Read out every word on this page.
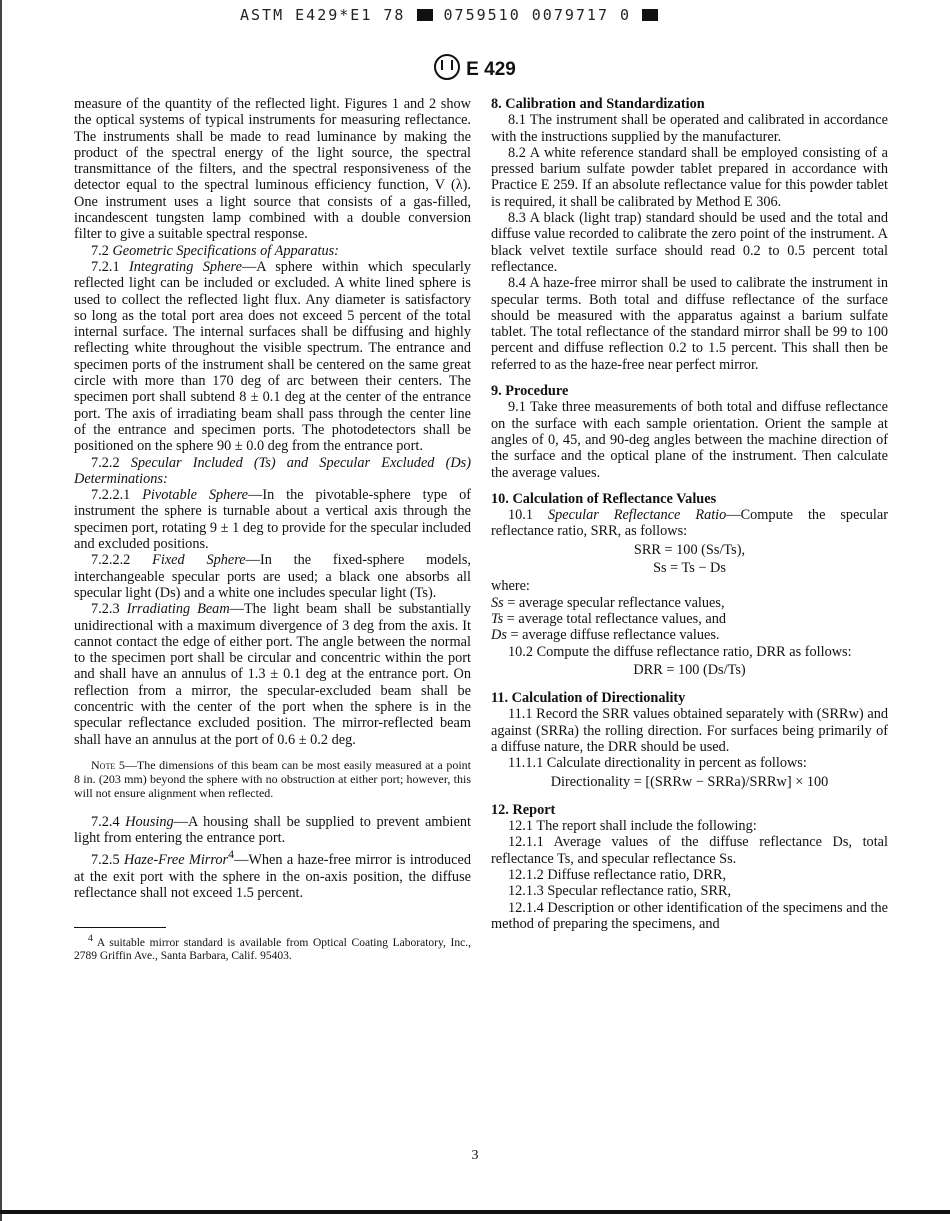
ASTM E429*E1 78	0759510 0079717 0
E 429

measure of the quantity of the reflected light. Figures 1 and 2 show the optical systems of typical instruments for measuring reflectance. The instruments shall be made to read luminance by making the product of the spectral energy of the light source, the spectral transmittance of the filters, and the spectral responsiveness of the detector equal to the spectral luminous efficiency function, V (λ). One instrument uses a light source that consists of a gas-filled, incandescent tungsten lamp combined with a double conversion filter to give a suitable spectral response.

7.2 Geometric Specifications of Apparatus:

7.2.1 Integrating Sphere—A sphere within which specularly reflected light can be included or excluded. A white lined sphere is used to collect the reflected light flux. Any diameter is satisfactory so long as the total port area does not exceed 5 percent of the total internal surface. The internal surfaces shall be diffusing and highly reflecting white throughout the visible spectrum. The entrance and specimen ports of the instrument shall be centered on the same great circle with more than 170 deg of arc between their centers. The specimen port shall subtend 8 ± 0.1 deg at the center of the entrance port. The axis of irradiating beam shall pass through the center line of the entrance and specimen ports. The photodetectors shall be positioned on the sphere 90 ± 0.0 deg from the entrance port.

7.2.2 Specular Included (Ts) and Specular Excluded (Ds) Determinations:

7.2.2.1 Pivotable Sphere—In the pivotable-sphere type of instrument the sphere is turnable about a vertical axis through the specimen port, rotating 9 ± 1 deg to provide for the specular included and excluded positions.

7.2.2.2 Fixed Sphere—In the fixed-sphere models, interchangeable specular ports are used; a black one absorbs all specular light (Ds) and a white one includes specular light (Ts).

7.2.3 Irradiating Beam—The light beam shall be substantially unidirectional with a maximum divergence of 3 deg from the axis. It cannot contact the edge of either port. The angle between the normal to the specimen port shall be circular and concentric within the port and shall have an annulus of 1.3 ± 0.1 deg at the entrance port. On reflection from a mirror, the specular-excluded beam shall be concentric with the center of the port when the sphere is in the specular reflectance excluded position. The mirror-reflected beam shall have an annulus at the port of 0.6 ± 0.2 deg.

Note 5—The dimensions of this beam can be most easily measured at a point 8 in. (203 mm) beyond the sphere with no obstruction at either port; however, this will not ensure alignment when reflected.

7.2.4 Housing—A housing shall be supplied to prevent ambient light from entering the entrance port.

7.2.5 Haze-Free Mirror$^4$—When a haze-free mirror is introduced at the exit port with the sphere in the on-axis position, the diffuse reflectance shall not exceed 1.5 percent.

$^4$ A suitable mirror standard is available from Optical Coating Laboratory, Inc., 2789 Griffin Ave., Santa Barbara, Calif. 95403.

8. Calibration and Standardization

8.1 The instrument shall be operated and calibrated in accordance with the instructions supplied by the manufacturer.

8.2 A white reference standard shall be employed consisting of a pressed barium sulfate powder tablet prepared in accordance with Practice E 259. If an absolute reflectance value for this powder tablet is required, it shall be calibrated by Method E 306.

8.3 A black (light trap) standard should be used and the total and diffuse value recorded to calibrate the zero point of the instrument. A black velvet textile surface should read 0.2 to 0.5 percent total reflectance.

8.4 A haze-free mirror shall be used to calibrate the instrument in specular terms. Both total and diffuse reflectance of the surface should be measured with the apparatus against a barium sulfate tablet. The total reflectance of the standard mirror shall be 99 to 100 percent and diffuse reflection 0.2 to 1.5 percent. This shall then be referred to as the haze-free near perfect mirror.

9. Procedure

9.1 Take three measurements of both total and diffuse reflectance on the surface with each sample orientation. Orient the sample at angles of 0, 45, and 90-deg angles between the machine direction of the surface and the optical plane of the instrument. Then calculate the average values.

10. Calculation of Reflectance Values

10.1 Specular Reflectance Ratio—Compute the specular reflectance ratio, SRR, as follows:

SRR = 100 (Ss/Ts),

Ss = Ts − Ds

where:

Ss = average specular reflectance values,

Ts = average total reflectance values, and

Ds = average diffuse reflectance values.

10.2 Compute the diffuse reflectance ratio, DRR as follows:

DRR = 100 (Ds/Ts)

11. Calculation of Directionality

11.1 Record the SRR values obtained separately with (SRRw) and against (SRRa) the rolling direction. For surfaces being primarily of a diffuse nature, the DRR should be used.

11.1.1 Calculate directionality in percent as follows:

Directionality = [(SRRw − SRRa)/SRRw] × 100

12. Report

12.1 The report shall include the following:

12.1.1 Average values of the diffuse reflectance Ds, total reflectance Ts, and specular reflectance Ss.

12.1.2 Diffuse reflectance ratio, DRR,

12.1.3 Specular reflectance ratio, SRR,

12.1.4 Description or other identification of the specimens and the method of preparing the specimens, and

3
